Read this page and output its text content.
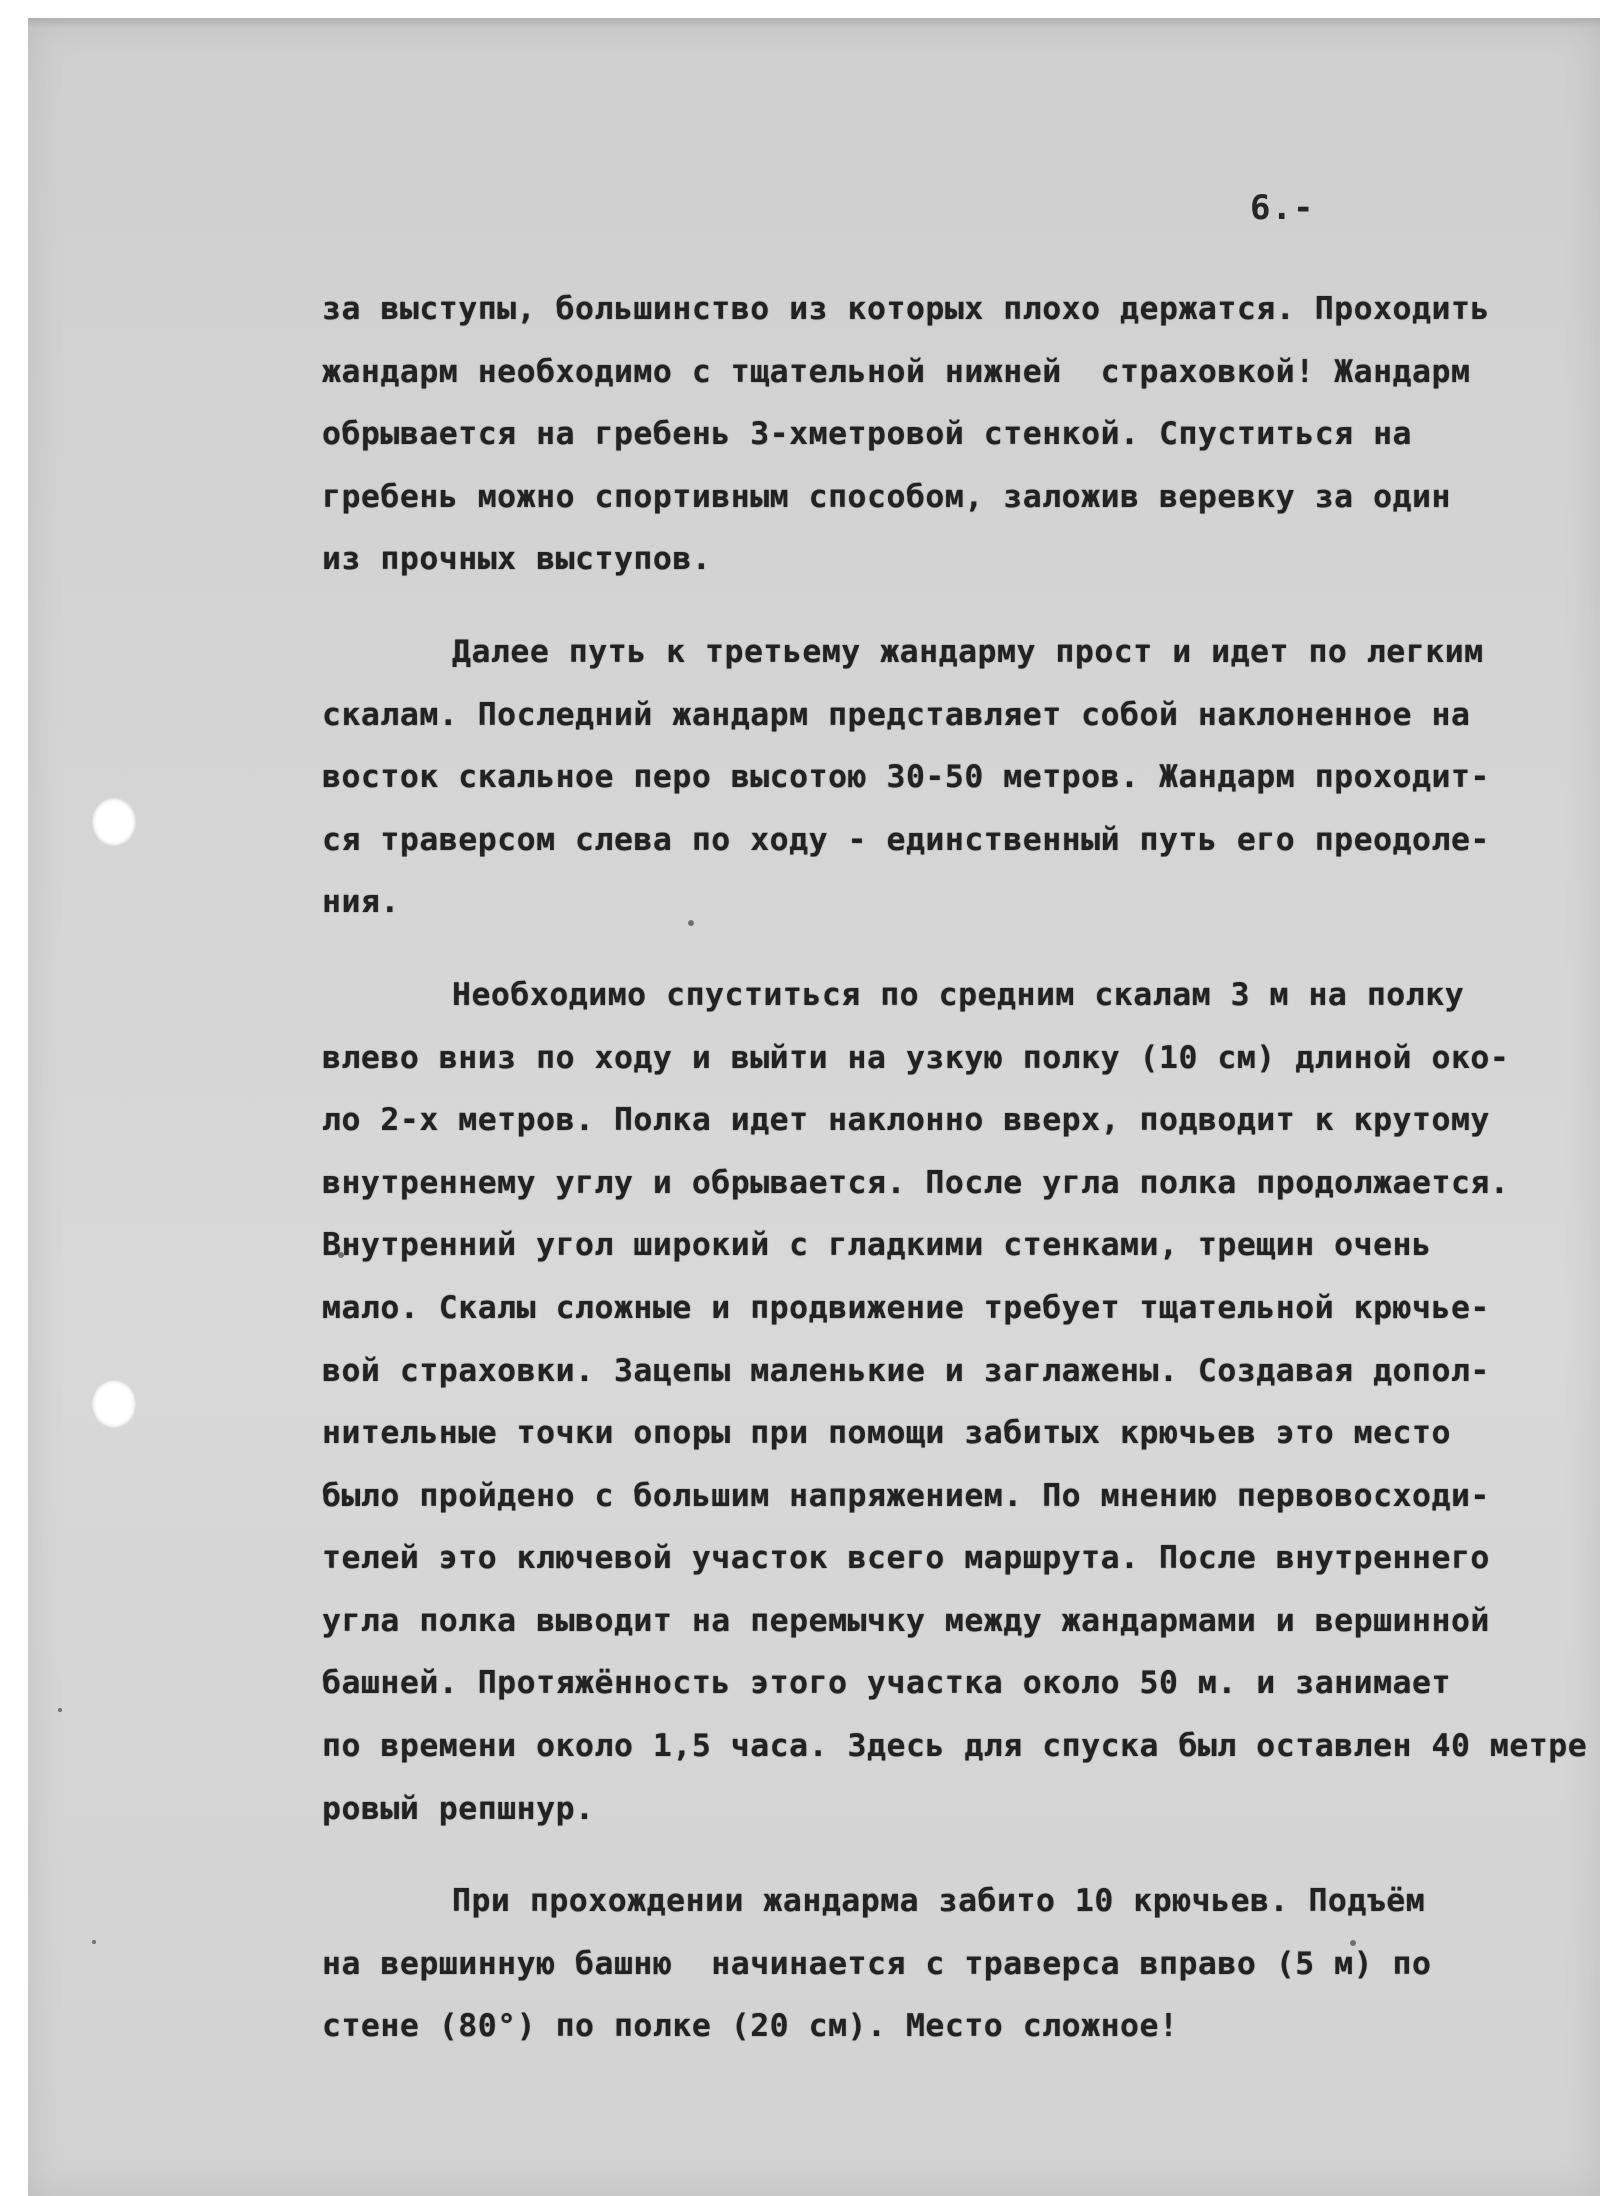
6.-
за выступы, большинство из которых плохо держатся. Проходить
жандарм необходимо с тщательной нижней  страховкой! Жандарм
обрывается на гребень 3-хметровой стенкой. Спуститься на
гребень можно спортивным способом, заложив веревку за один
из прочных выступов.
Далее путь к третьему жандарму прост и идет по легким
скалам. Последний жандарм представляет собой наклоненное на
восток скальное перо высотою 30-50 метров. Жандарм проходит-
ся траверсом слева по ходу - единственный путь его преодоле-
ния.
Необходимо спуститься по средним скалам 3 м на полку
влево вниз по ходу и выйти на узкую полку (10 см) длиной око-
ло 2-х метров. Полка идет наклонно вверх, подводит к крутому
внутреннему углу и обрывается. После угла полка продолжается.
Внутренний угол широкий с гладкими стенками, трещин очень
мало. Скалы сложные и продвижение требует тщательной крючье-
вой страховки. Зацепы маленькие и заглажены. Создавая допол-
нительные точки опоры при помощи забитых крючьев это место
было пройдено с большим напряжением. По мнению первовосходи-
телей это ключевой участок всего маршрута. После внутреннего
угла полка выводит на перемычку между жандармами и вершинной
башней. Протяжённость этого участка около 50 м. и занимает
по времени около 1,5 часа. Здесь для спуска был оставлен 40 метре
ровый репшнур.
При прохождении жандарма забито 10 крючьев. Подъём
на вершинную башню  начинается с траверса вправо (5 м) по
стене (80°) по полке (20 см). Место сложное!
